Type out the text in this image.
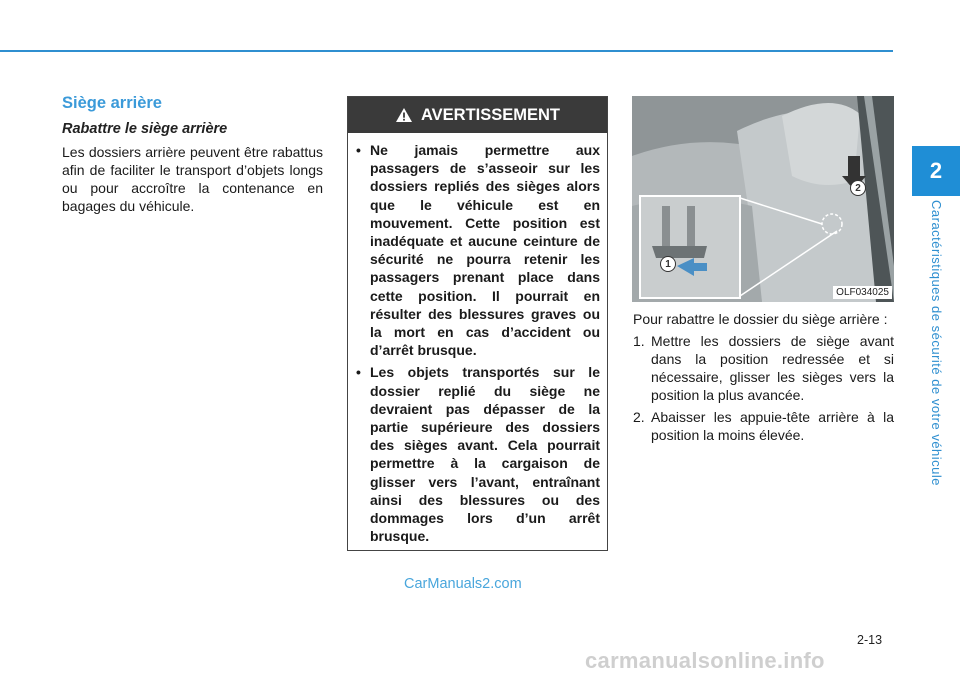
2
Caractéristiques de sécurité de votre véhicule
Siège arrière
Rabattre le siège arrière
Les dossiers arrière peuvent être rabattus afin de faciliter le transport d’objets longs ou pour accroître la contenance en bagages du véhicule.
AVERTISSEMENT
• Ne jamais permettre aux passagers de s’asseoir sur les dossiers repliés des sièges alors que le véhicule est en mouvement. Cette position est inadéquate et aucune ceinture de sécurité ne pourra retenir les passagers prenant place dans cette position. Il pourrait en résulter des blessures graves ou la mort en cas d’accident ou d’arrêt brusque.
• Les objets transportés sur le dossier replié du siège ne devraient pas dépasser de la partie supérieure des dossiers des sièges avant. Cela pourrait permettre à la cargaison de glisser vers l’avant, entraînant ainsi des blessures ou des dommages lors d’un arrêt brusque.
OLF034025
1
2

Pour rabattre le dossier du siège arrière :

1. Mettre les dossiers de siège avant dans la position redressée et si nécessaire, glisser les sièges vers la position la plus avancée.
2. Abaisser les appuie-tête arrière à la position la moins élevée.
CarManuals2.com
2-13
carmanualsonline.info
